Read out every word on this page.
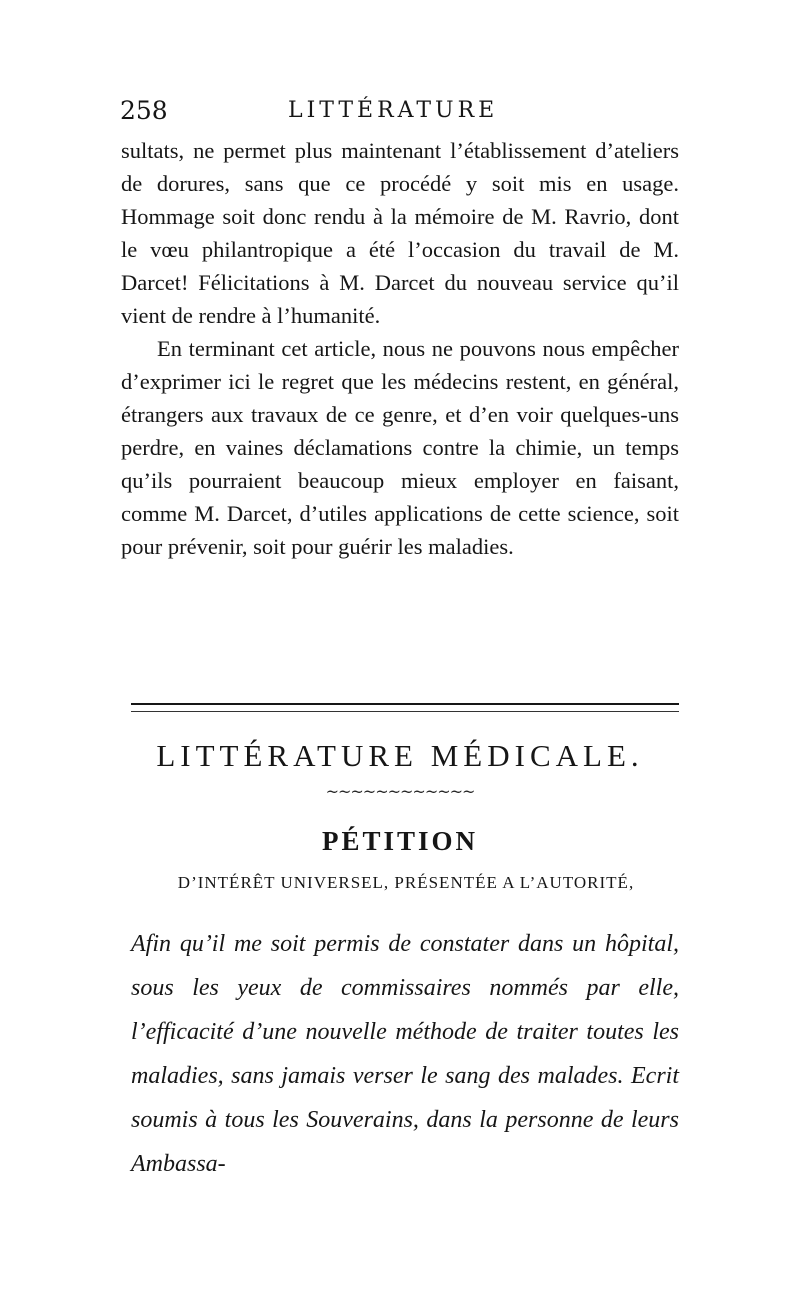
258	LITTÉRATURE

sultats, ne permet plus maintenant l’établissement d’ateliers de dorures, sans que ce procédé y soit mis en usage. Hommage soit donc rendu à la mémoire de M. Ravrio, dont le vœu philantropique a été l’occasion du travail de M. Darcet! Félicitations à M. Darcet du nouveau service qu’il vient de rendre à l’humanité.

En terminant cet article, nous ne pouvons nous empêcher d’exprimer ici le regret que les médecins restent, en général, étrangers aux travaux de ce genre, et d’en voir quelques-uns perdre, en vaines déclamations contre la chimie, un temps qu’ils pourraient beaucoup mieux employer en faisant, comme M. Darcet, d’utiles applications de cette science, soit pour prévenir, soit pour guérir les maladies.

LITTÉRATURE MÉDICALE.
~~~~~~~~~~~~
PÉTITION
D’INTÉRÊT UNIVERSEL, PRÉSENTÉE A L’AUTORITÉ,

Afin qu’il me soit permis de constater dans un hôpital, sous les yeux de commissaires nommés par elle, l’efficacité d’une nouvelle méthode de traiter toutes les maladies, sans jamais verser le sang des malades. Ecrit soumis à tous les Souverains, dans la personne de leurs Ambassa-
